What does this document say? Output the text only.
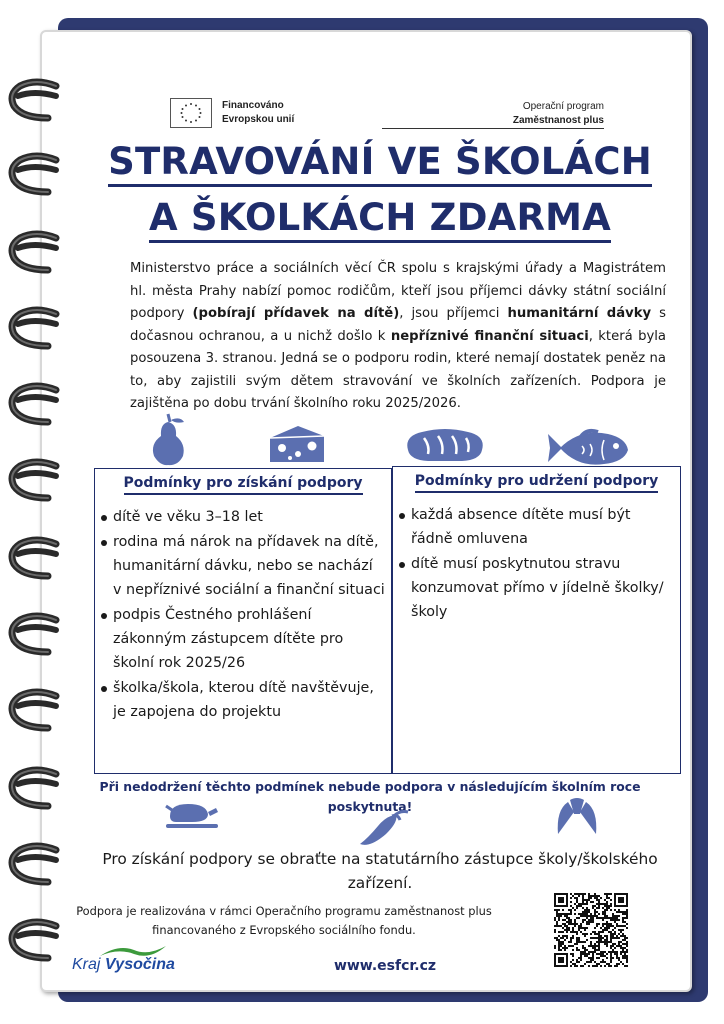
Financováno
Evropskou unií
Operační program
Zaměstnanost plus
STRAVOVÁNÍ VE ŠKOLÁCH
A ŠKOLKÁCH ZDARMA
Ministerstvo práce a sociálních věcí ČR spolu s krajskými úřady a Magistrátem hl. města Prahy nabízí pomoc rodičům, kteří jsou příjemci dávky státní sociální podpory (pobírají přídavek na dítě), jsou příjemci humanitární dávky s dočasnou ochranou, a u nichž došlo k nepříznivé finanční situaci, která byla posouzena 3. stranou. Jedná se o podporu rodin, které nemají dostatek peněz na to, aby zajistili svým dětem stravování ve školních zařízeních. Podpora je zajištěna po dobu trvání školního roku 2025/2026.
Podmínky pro získání podpory
dítě ve věku 3–18 let
rodina má nárok na přídavek na dítě, humanitární dávku, nebo se nachází v nepříznivé sociální a finanční situaci
podpis Čestného prohlášení zákonným zástupcem dítěte pro školní rok 2025/26
školka/škola, kterou dítě navštěvuje, je zapojena do projektu
Podmínky pro udržení podpory
každá absence dítěte musí být řádně omluvena
dítě musí poskytnutou stravu konzumovat přímo v jídelně školky/školy
Při nedodržení těchto podmínek nebude podpora v následujícím školním roce poskytnuta!
Pro získání podpory se obraťte na statutárního zástupce školy/školského zařízení.
Podpora je realizována v rámci Operačního programu zaměstnanost plus financovaného z Evropského sociálního fondu.
Kraj Vysočina	www.esfcr.cz
